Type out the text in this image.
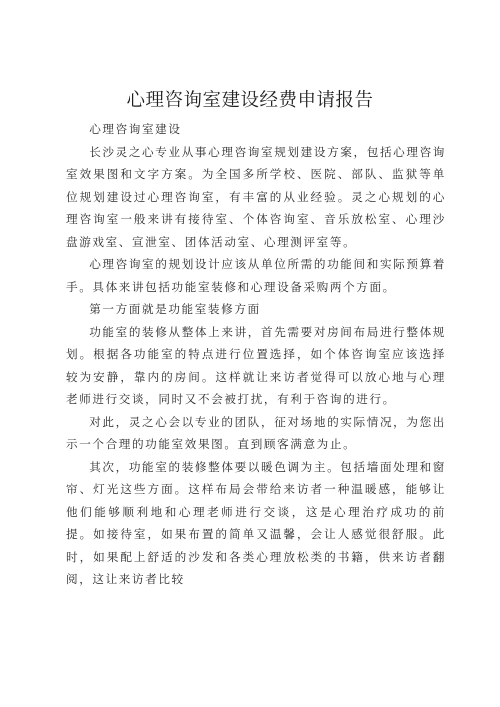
心理咨询室建设经费申请报告

心理咨询室建设

长沙灵之心专业从事心理咨询室规划建设方案，包括心理咨询室效果图和文字方案。为全国多所学校、医院、部队、监狱等单位规划建设过心理咨询室，有丰富的从业经验。灵之心规划的心理咨询室一般来讲有接待室、个体咨询室、音乐放松室、心理沙盘游戏室、宣泄室、团体活动室、心理测评室等。

心理咨询室的规划设计应该从单位所需的功能间和实际预算着手。具体来讲包括功能室装修和心理设备采购两个方面。

第一方面就是功能室装修方面

功能室的装修从整体上来讲，首先需要对房间布局进行整体规划。根据各功能室的特点进行位置选择，如个体咨询室应该选择较为安静，靠内的房间。这样就让来访者觉得可以放心地与心理老师进行交谈，同时又不会被打扰，有利于咨询的进行。

对此，灵之心会以专业的团队，征对场地的实际情况，为您出示一个合理的功能室效果图。直到顾客满意为止。

其次，功能室的装修整体要以暖色调为主。包括墙面处理和窗帘、灯光这些方面。这样布局会带给来访者一种温暖感，能够让他们能够顺利地和心理老师进行交谈，这是心理治疗成功的前提。如接待室，如果布置的简单又温馨，会让人感觉很舒服。此时，如果配上舒适的沙发和各类心理放松类的书籍，供来访者翻阅，这让来访者比较
